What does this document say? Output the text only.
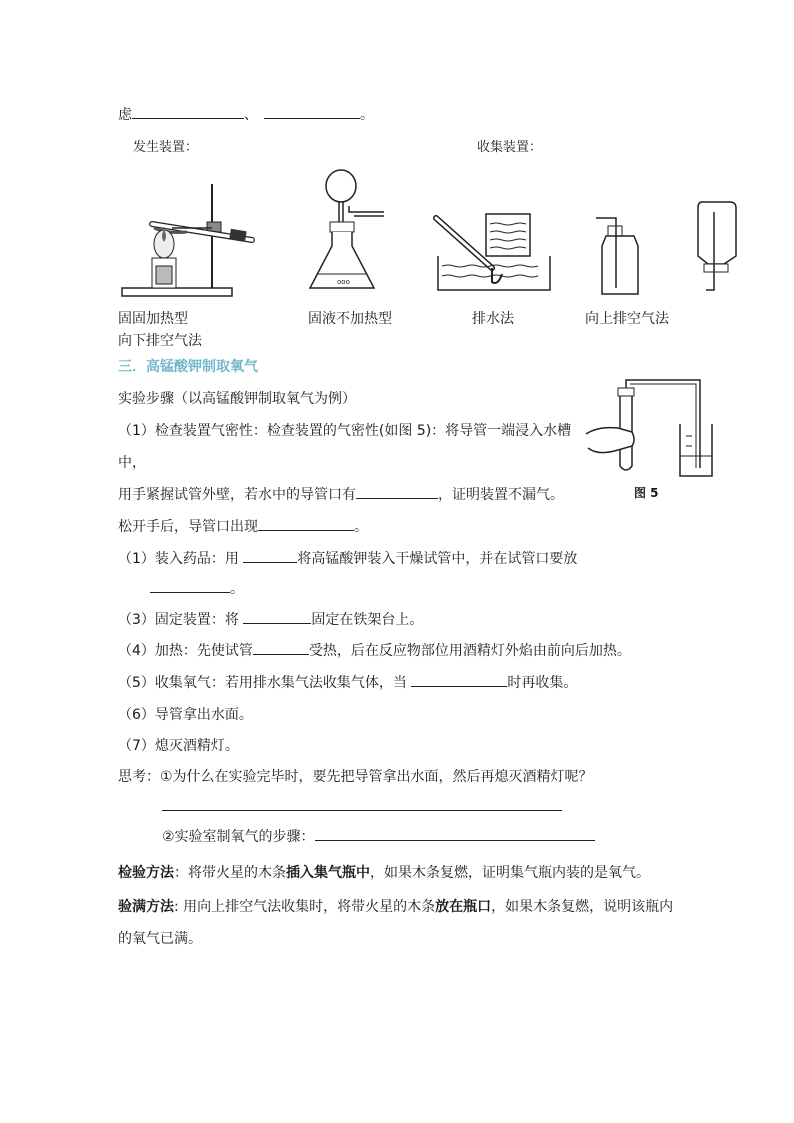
虑	、	。
发生装置：	收集装置：
ooo
固固加热型	固液不加热型	排水法	向上排空气法
向下排空气法
三．高锰酸钾制取氧气
实验步骤（以高锰酸钾制取氧气为例）
图 5
（1）检查装置气密性：检查装置的气密性(如图 5)：将导管一端浸入水槽
中，
用手紧握试管外壁，若水中的导管口有	，证明装置不漏气。
松开手后，导管口出现	。
（1）装入药品：用	将高锰酸钾装入干燥试管中，并在试管口要放
。
（3）固定装置：将	固定在铁架台上。
（4）加热：先使试管	受热，后在反应物部位用酒精灯外焰由前向后加热。
（5）收集氧气：若用排水集气法收集气体，当	时再收集。
（6）导管拿出水面。
（7）熄灭酒精灯。
思考：①为什么在实验完毕时，要先把导管拿出水面，然后再熄灭酒精灯呢？
②实验室制氧气的步骤：
检验方法：将带火星的木条插入集气瓶中，如果木条复燃，证明集气瓶内装的是氧气。
验满方法: 用向上排空气法收集时，将带火星的木条放在瓶口，如果木条复燃，说明该瓶内
的氧气已满。
